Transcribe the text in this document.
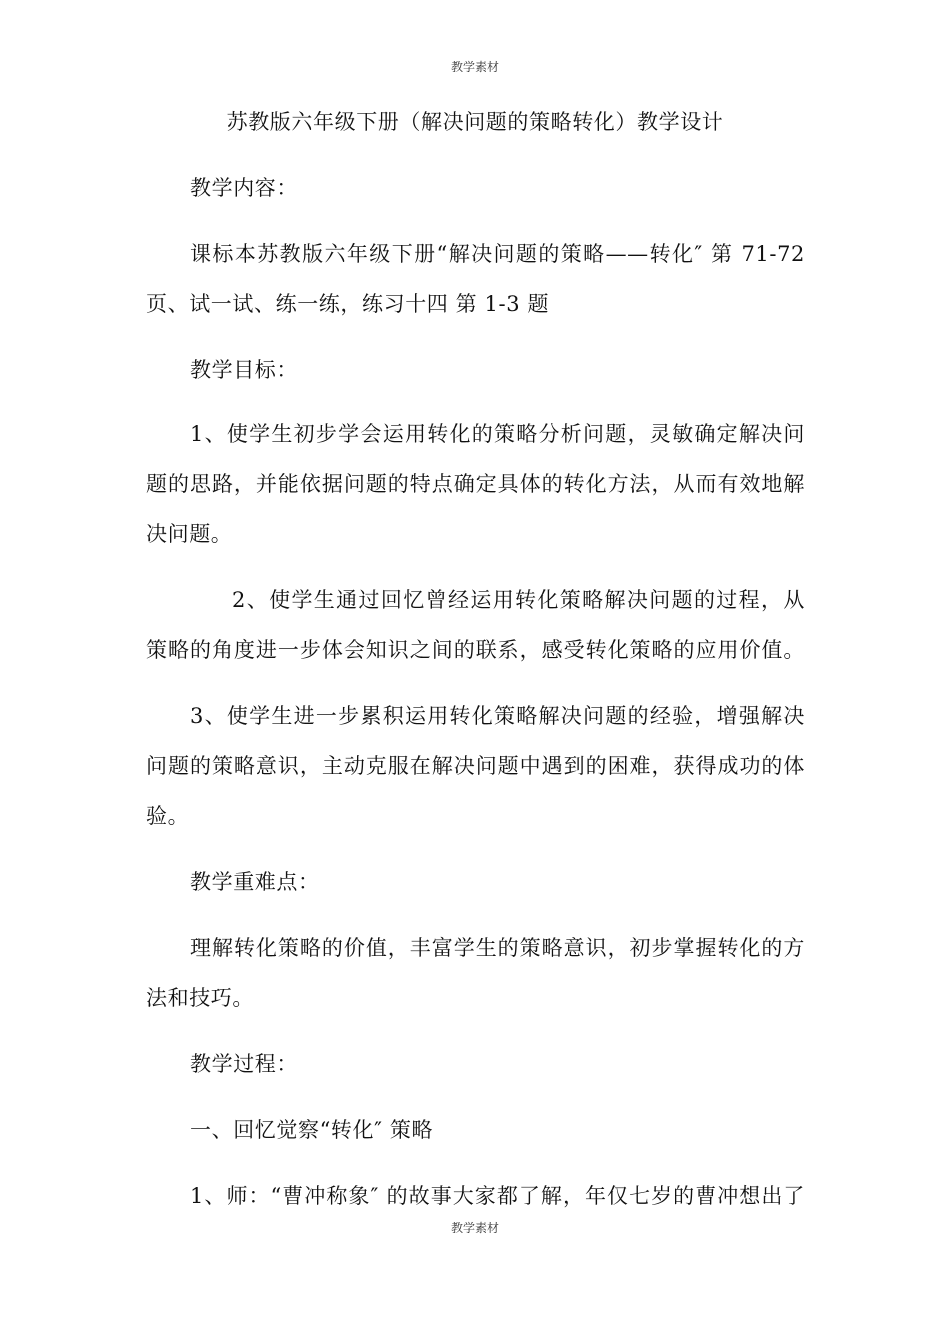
教学素材
苏教版六年级下册（解决问题的策略转化）教学设计
教学内容：
课标本苏教版六年级下册“解决问题的策略——转化″ 第 71-72
页、试一试、练一练，练习十四 第 1-3 题
教学目标：
1、使学生初步学会运用转化的策略分析问题，灵敏确定解决问
题的思路，并能依据问题的特点确定具体的转化方法，从而有效地解
决问题。
2、使学生通过回忆曾经运用转化策略解决问题的过程，从
策略的角度进一步体会知识之间的联系，感受转化策略的应用价值。
3、使学生进一步累积运用转化策略解决问题的经验，增强解决
问题的策略意识，主动克服在解决问题中遇到的困难，获得成功的体
验。
教学重难点：
理解转化策略的价值，丰富学生的策略意识，初步掌握转化的方
法和技巧。
教学过程：
一、回忆觉察“转化″ 策略
1、师：“曹冲称象″ 的故事大家都了解，年仅七岁的曹冲想出了
教学素材
